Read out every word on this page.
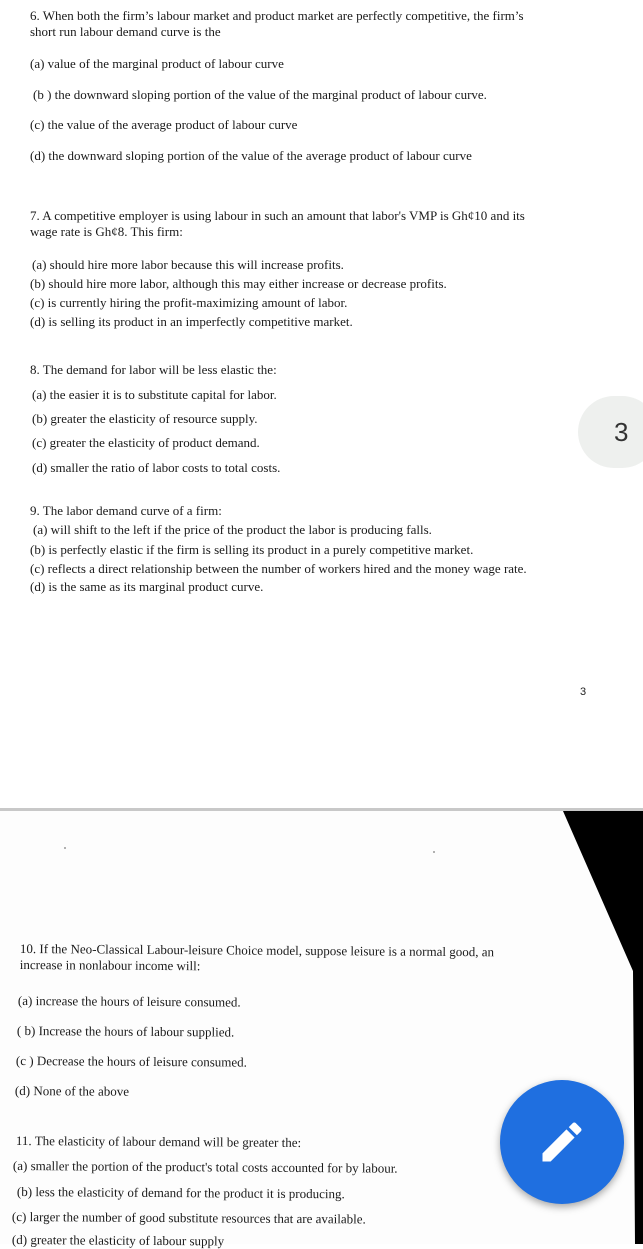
6. When both the firm’s labour market and product market are perfectly competitive, the firm’s
short run labour demand curve is the
(a) value of the marginal product of labour curve
(b ) the downward sloping portion of the value of the marginal product of labour curve.
(c) the value of the average product of labour curve
(d) the downward sloping portion of the value of the average product of labour curve
7. A competitive employer is using labour in such an amount that labor's VMP is Gh¢10 and its
wage rate is Gh¢8. This firm:
(a) should hire more labor because this will increase profits.
(b) should hire more labor, although this may either increase or decrease profits.
(c) is currently hiring the profit-maximizing amount of labor.
(d) is selling its product in an imperfectly competitive market.
8. The demand for labor will be less elastic the:
(a) the easier it is to substitute capital for labor.
(b) greater the elasticity of resource supply.
(c) greater the elasticity of product demand.
(d) smaller the ratio of labor costs to total costs.
9. The labor demand curve of a firm:
(a) will shift to the left if the price of the product the labor is producing falls.
(b) is perfectly elastic if the firm is selling its product in a purely competitive market.
(c) reflects a direct relationship between the number of workers hired and the money wage rate.
(d) is the same as its marginal product curve.
3
3
10. If the Neo-Classical Labour-leisure Choice model, suppose leisure is a normal good, an
increase in nonlabour income will:
(a) increase the hours of leisure consumed.
( b) Increase the hours of labour supplied.
(c ) Decrease the hours of leisure consumed.
(d) None of the above
11. The elasticity of labour demand will be greater the:
(a) smaller the portion of the product's total costs accounted for by labour.
(b) less the elasticity of demand for the product it is producing.
(c) larger the number of good substitute resources that are available.
(d) greater the elasticity of labour supply
